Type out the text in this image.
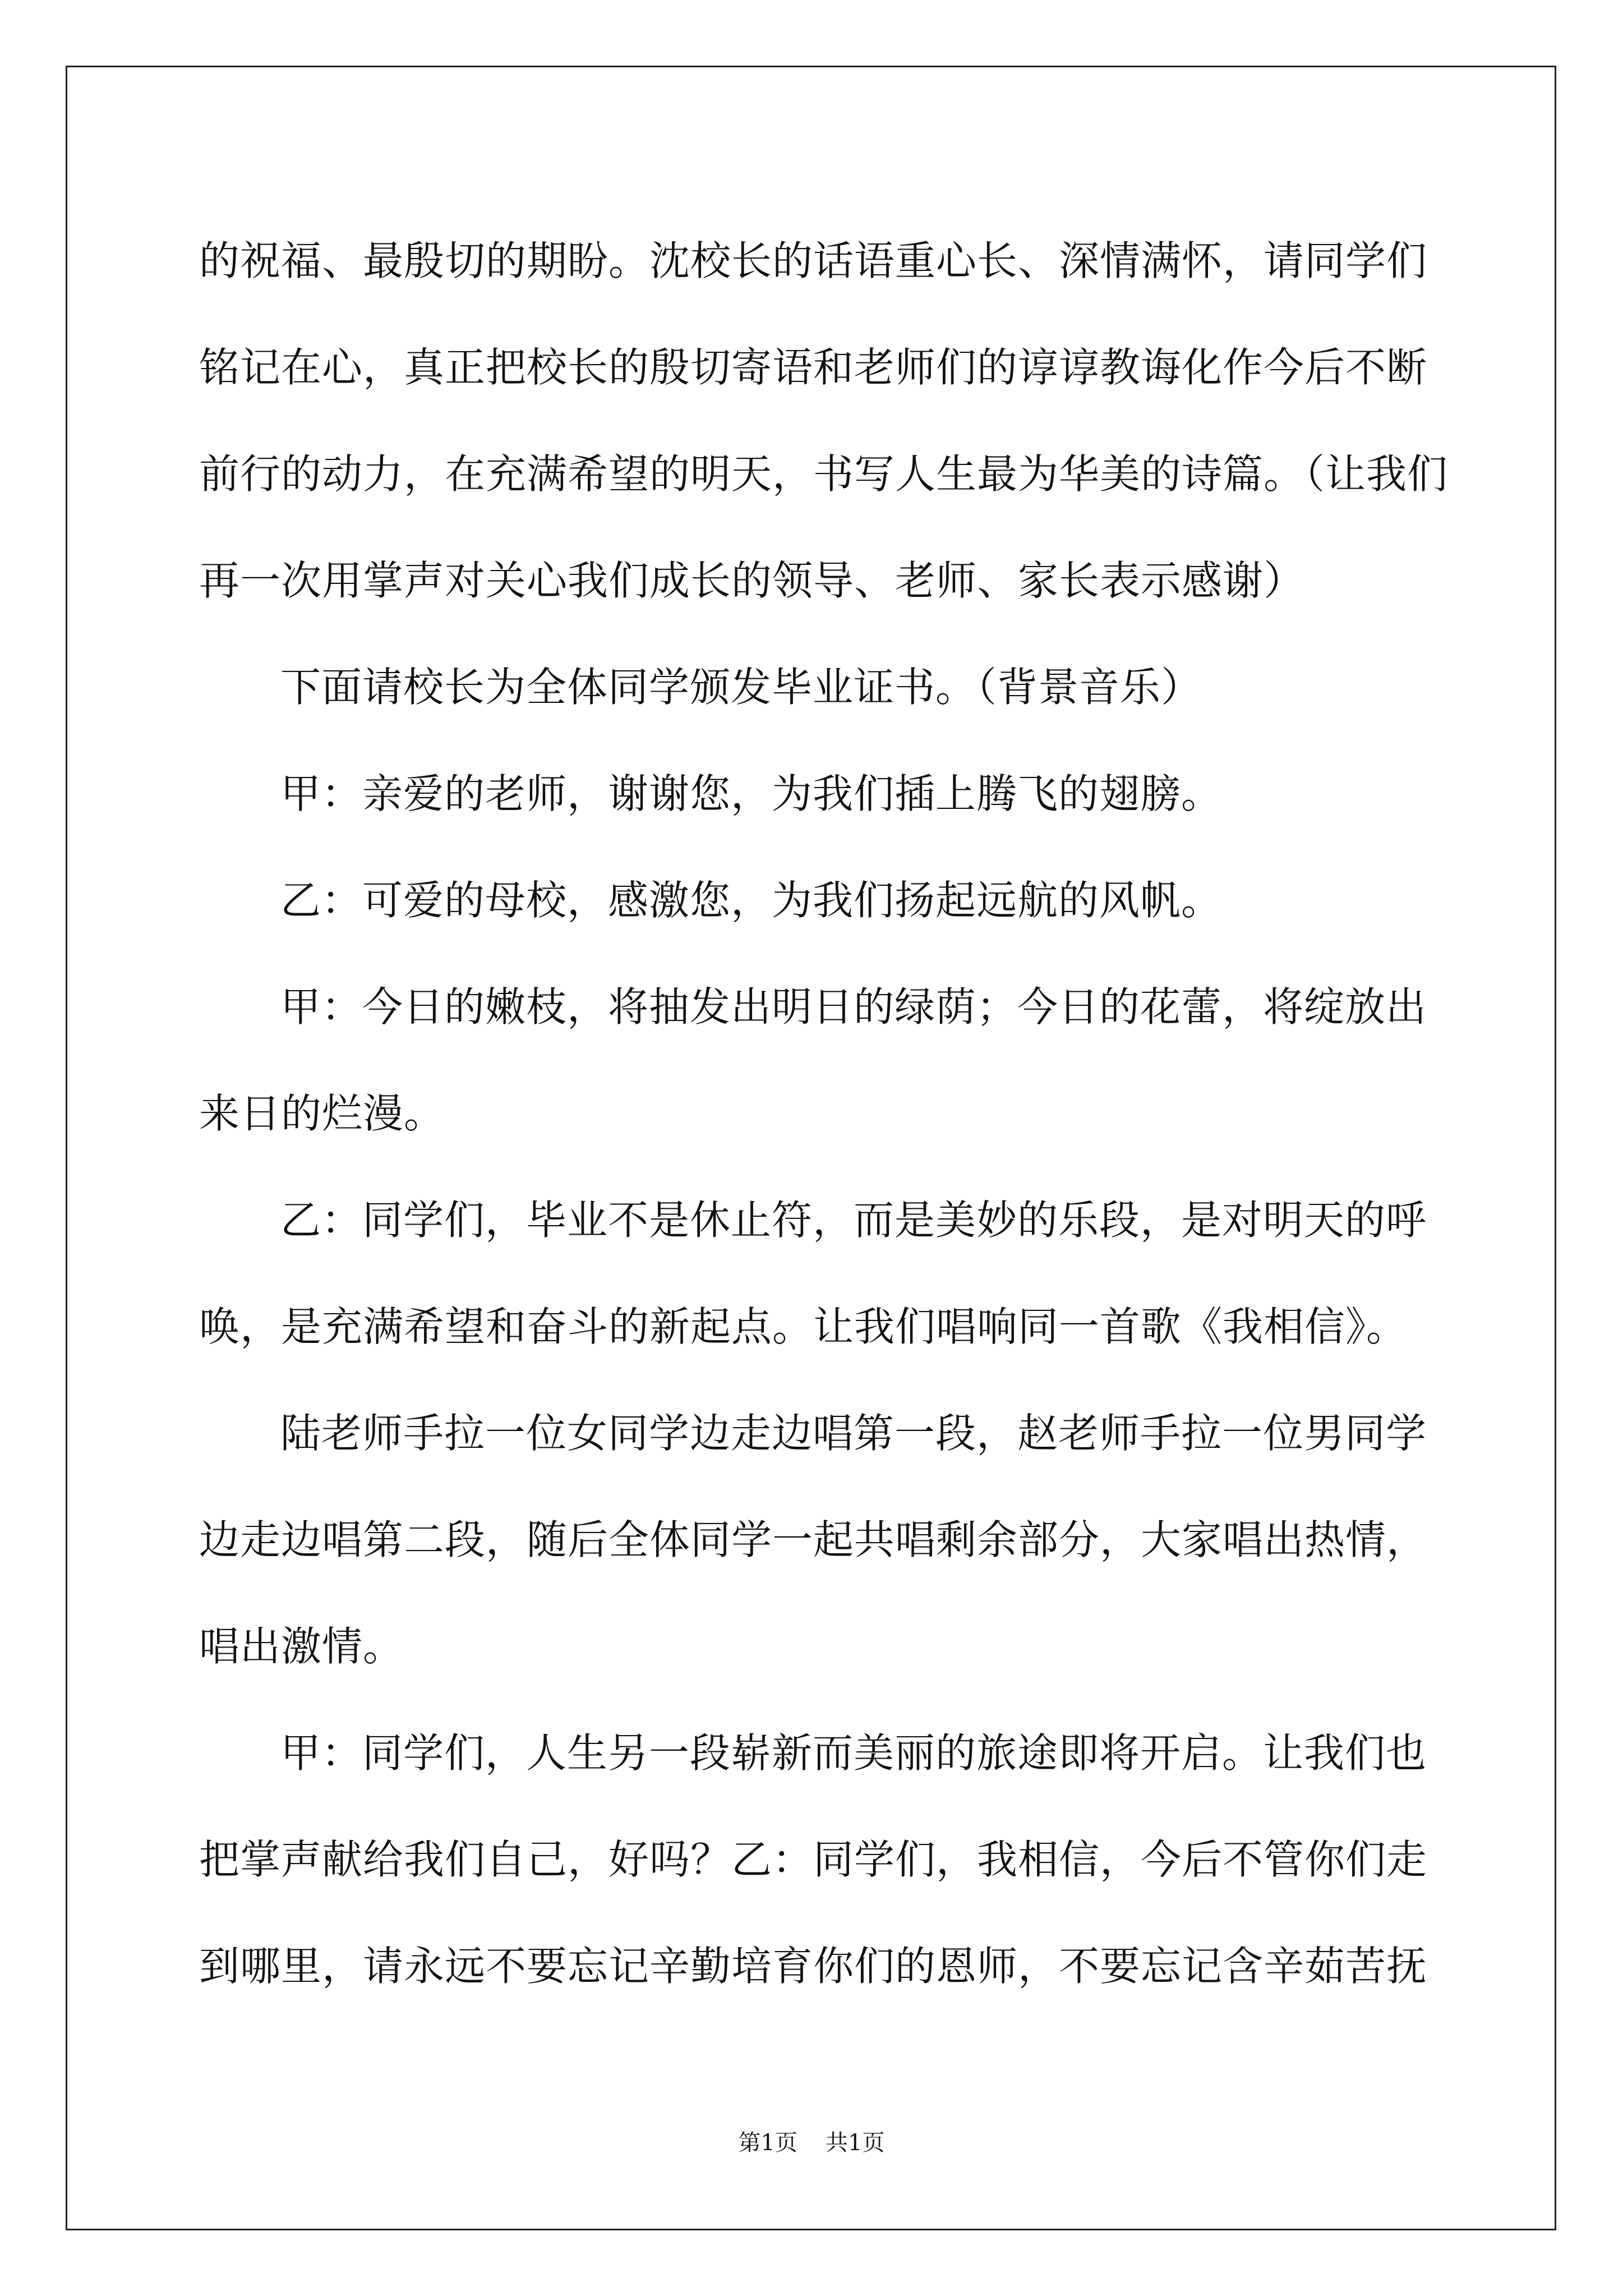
的祝福、最殷切的期盼。沈校长的话语重心长、深情满怀，请同学们

铭记在心，真正把校长的殷切寄语和老师们的谆谆教诲化作今后不断

前行的动力，在充满希望的明天，书写人生最为华美的诗篇。（让我们

再一次用掌声对关心我们成长的领导、老师、家长表示感谢）

下面请校长为全体同学颁发毕业证书。（背景音乐）

甲：亲爱的老师，谢谢您，为我们插上腾飞的翅膀。

乙：可爱的母校，感激您，为我们扬起远航的风帆。

甲：今日的嫩枝，将抽发出明日的绿荫；今日的花蕾，将绽放出

来日的烂漫。

乙：同学们，毕业不是休止符，而是美妙的乐段，是对明天的呼

唤，是充满希望和奋斗的新起点。让我们唱响同一首歌《我相信》。

陆老师手拉一位女同学边走边唱第一段，赵老师手拉一位男同学

边走边唱第二段，随后全体同学一起共唱剩余部分，大家唱出热情，

唱出激情。

甲：同学们，人生另一段崭新而美丽的旅途即将开启。让我们也

把掌声献给我们自己，好吗？乙：同学们，我相信，今后不管你们走

到哪里，请永远不要忘记辛勤培育你们的恩师，不要忘记含辛茹苦抚

第1页 共1页
